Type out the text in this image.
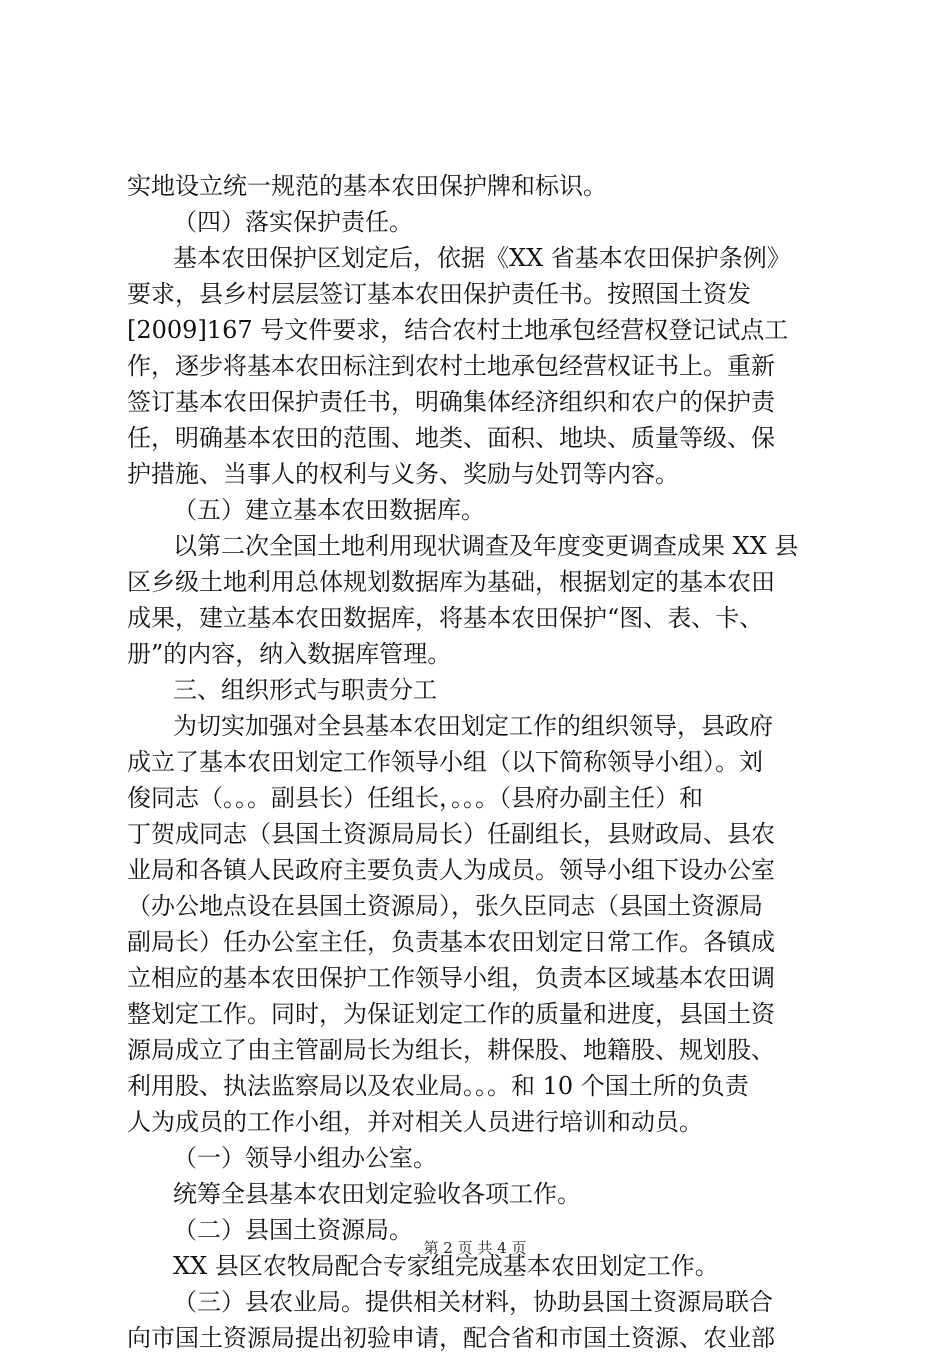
实地设立统一规范的基本农田保护牌和标识。
（四）落实保护责任。
基本农田保护区划定后，依据《XX 省基本农田保护条例》
要求，县乡村层层签订基本农田保护责任书。按照国土资发
[2009]167 号文件要求，结合农村土地承包经营权登记试点工
作，逐步将基本农田标注到农村土地承包经营权证书上。重新
签订基本农田保护责任书，明确集体经济组织和农户的保护责
任，明确基本农田的范围、地类、面积、地块、质量等级、保
护措施、当事人的权利与义务、奖励与处罚等内容。
（五）建立基本农田数据库。
以第二次全国土地利用现状调查及年度变更调查成果 XX 县
区乡级土地利用总体规划数据库为基础，根据划定的基本农田
成果，建立基本农田数据库，将基本农田保护“图、表、卡、
册”的内容，纳入数据库管理。
三、组织形式与职责分工
为切实加强对全县基本农田划定工作的组织领导，县政府
成立了基本农田划定工作领导小组（以下简称领导小组）。刘
俊同志（。。。副县长）任组长，。。。（县府办副主任）和
丁贺成同志（县国土资源局局长）任副组长，县财政局、县农
业局和各镇人民政府主要负责人为成员。领导小组下设办公室
（办公地点设在县国土资源局），张久臣同志（县国土资源局
副局长）任办公室主任，负责基本农田划定日常工作。各镇成
立相应的基本农田保护工作领导小组，负责本区域基本农田调
整划定工作。同时，为保证划定工作的质量和进度，县国土资
源局成立了由主管副局长为组长，耕保股、地籍股、规划股、
利用股、执法监察局以及农业局。。。和 10 个国土所的负责
人为成员的工作小组，并对相关人员进行培训和动员。
（一）领导小组办公室。
统筹全县基本农田划定验收各项工作。
（二）县国土资源局。
XX 县区农牧局配合专家组完成基本农田划定工作。
（三）县农业局。提供相关材料，协助县国土资源局联合
向市国土资源局提出初验申请，配合省和市国土资源、农业部
第 2 页 共 4 页
